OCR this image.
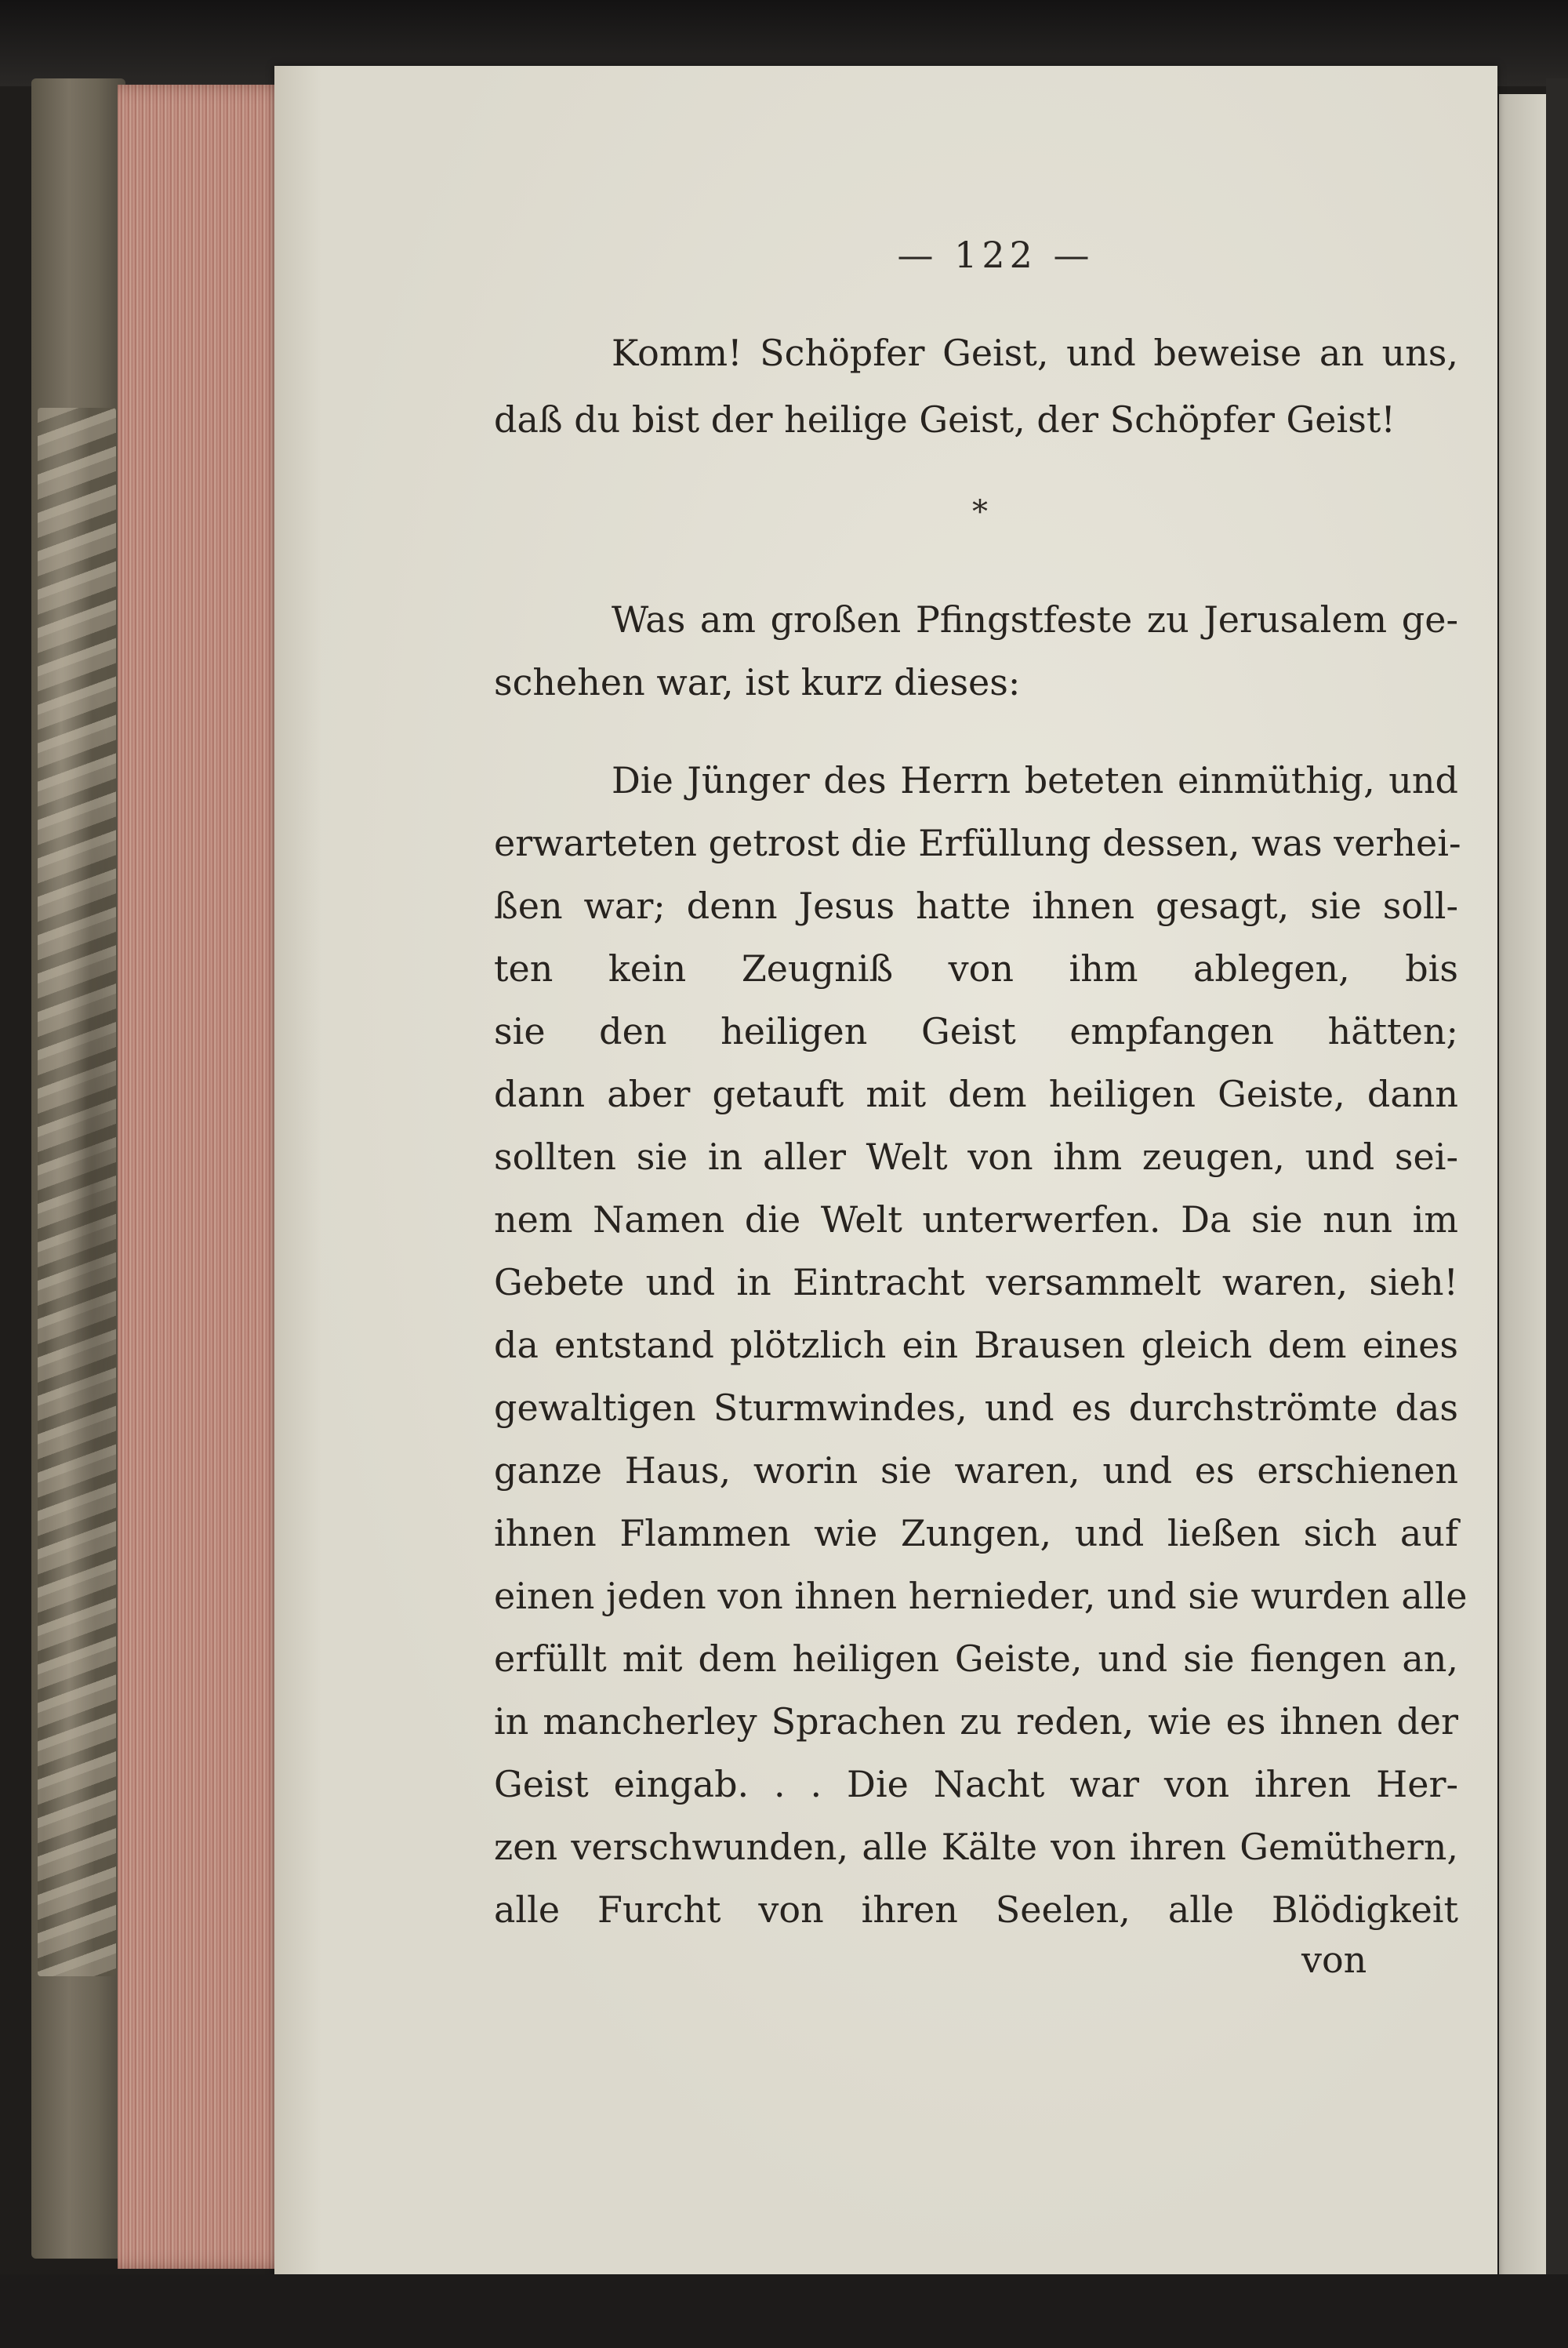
— 122 —
Komm! Schöpfer Geist, und beweise an uns,
daß du bist der heilige Geist, der Schöpfer Geist!
Was am großen Pfingstfeste zu Jerusalem ge-
schehen war, ist kurz dieses:
Die Jünger des Herrn beteten einmüthig, und
erwarteten getrost die Erfüllung dessen, was verhei-
ßen war; denn Jesus hatte ihnen gesagt, sie soll-
ten kein Zeugniß von ihm ablegen, bis
sie den heiligen Geist empfangen hätten;
dann aber getauft mit dem heiligen Geiste, dann
sollten sie in aller Welt von ihm zeugen, und sei-
nem Namen die Welt unterwerfen. Da sie nun im
Gebete und in Eintracht versammelt waren, sieh!
da entstand plötzlich ein Brausen gleich dem eines
gewaltigen Sturmwindes, und es durchströmte das
ganze Haus, worin sie waren, und es erschienen
ihnen Flammen wie Zungen, und ließen sich auf
einen jeden von ihnen hernieder, und sie wurden alle
erfüllt mit dem heiligen Geiste, und sie fiengen an,
in mancherley Sprachen zu reden, wie es ihnen der
Geist eingab. . . Die Nacht war von ihren Her-
zen verschwunden, alle Kälte von ihren Gemüthern,
alle Furcht von ihren Seelen, alle Blödigkeit
*
von
